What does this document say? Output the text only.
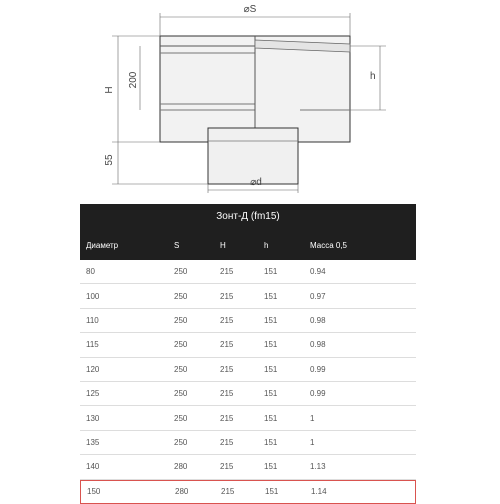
⌀S
H
200
55
h
⌀d
Зонт-Д (fm15)
Диаметр	S	H	h	Масса 0,5
80	250	215	151	0.94
100	250	215	151	0.97
110	250	215	151	0.98
115	250	215	151	0.98
120	250	215	151	0.99
125	250	215	151	0.99
130	250	215	151	1
135	250	215	151	1
140	280	215	151	1.13
150	280	215	151	1.14
